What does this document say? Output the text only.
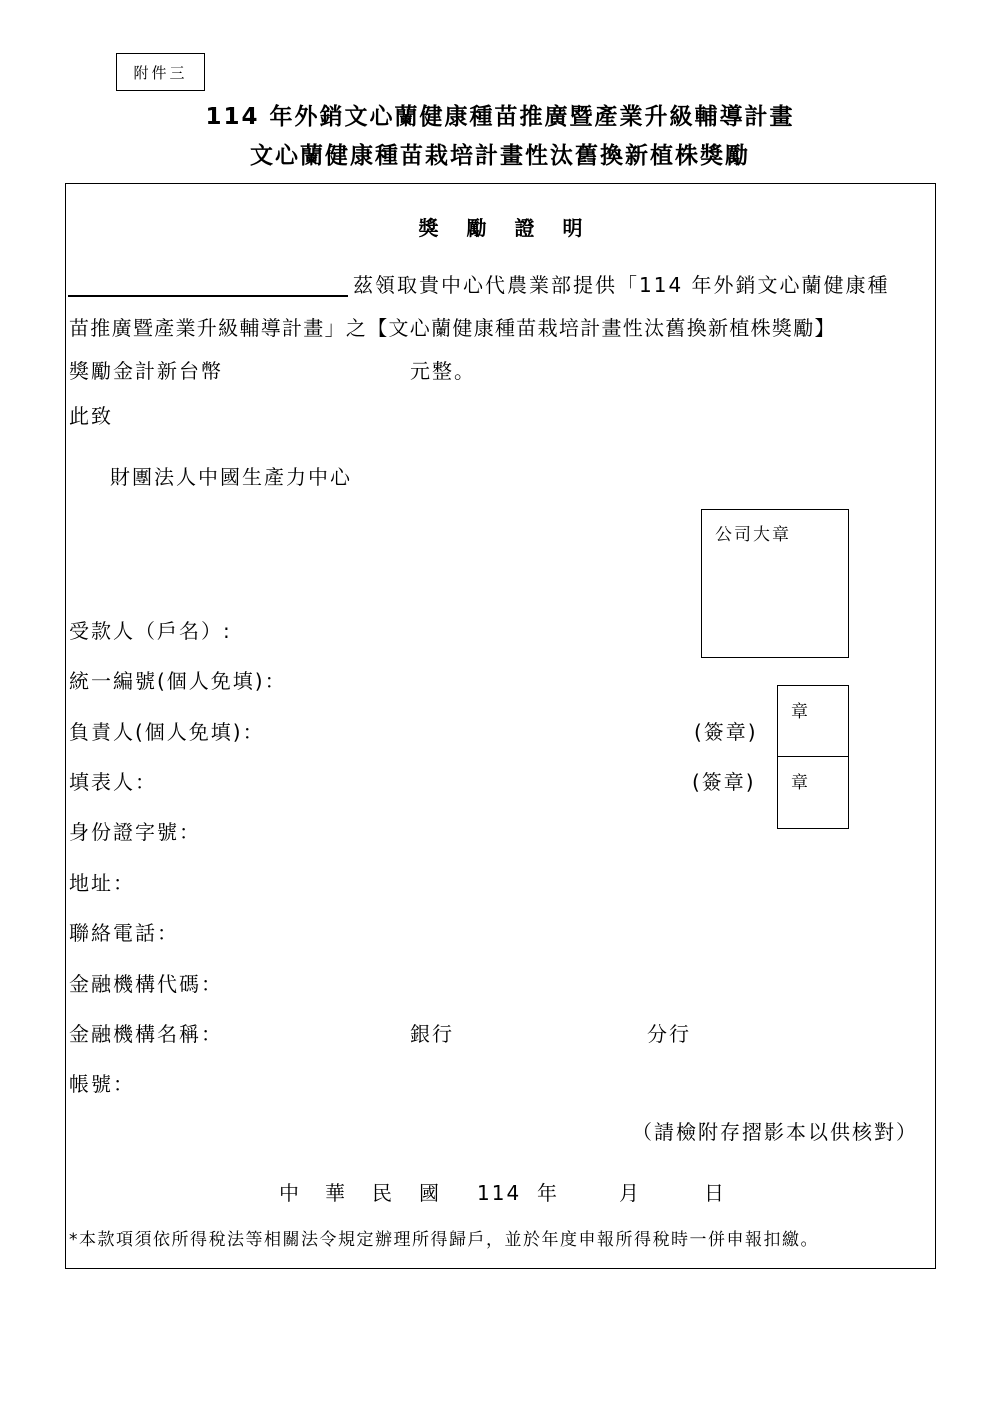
附件三
114 年外銷文心蘭健康種苗推廣暨產業升級輔導計畫
文心蘭健康種苗栽培計畫性汰舊換新植株獎勵
獎勵證明
茲領取貴中心代農業部提供「114 年外銷文心蘭健康種
苗推廣暨產業升級輔導計畫」之【文心蘭健康種苗栽培計畫性汰舊換新植株獎勵】
獎勵金計新台幣	元整。
此致
財團法人中國生產力中心
公司大章
章
章
受款人（戶名）:
統一編號(個人免填)：
負責人(個人免填)：	(簽章)
填表人：	(簽章)
身份證字號：
地址：
聯絡電話：
金融機構代碼：
金融機構名稱：	銀行	分行
帳號：
（請檢附存摺影本以供核對）
中 華 民 國 114 年	月	日
*本款項須依所得稅法等相關法令規定辦理所得歸戶，並於年度申報所得稅時一併申報扣繳。
